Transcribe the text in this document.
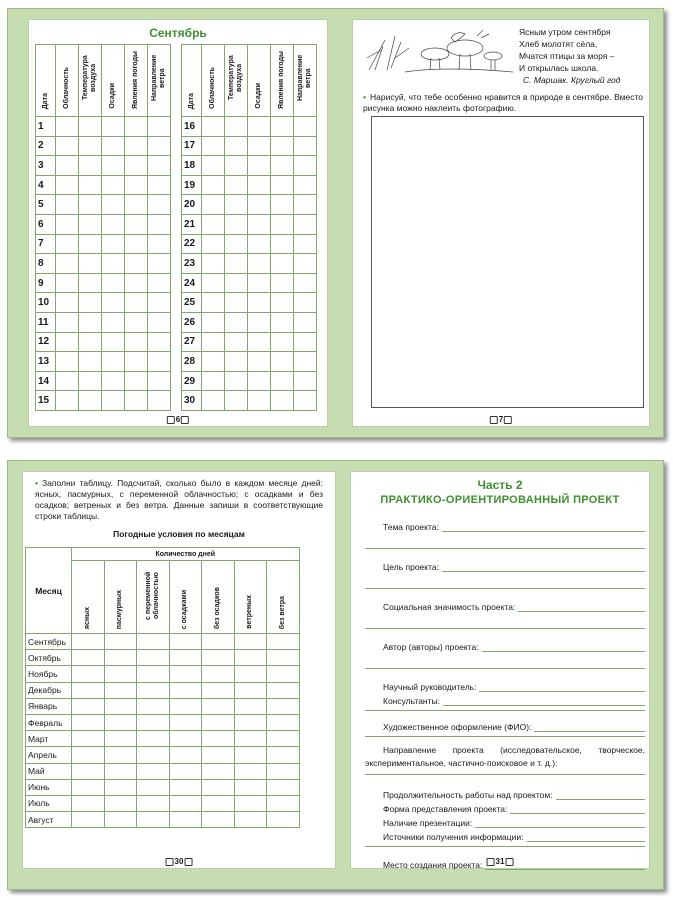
Сентябрь
Дата	Облачность	Температура воздуха	Осадки	Явления погоды	Направление ветра
1					
2					
3					
4					
5					
6					
7					
8					
9					
10					
11					
12					
13					
14					
15					
Дата	Облачность	Температура воздуха	Осадки	Явления погоды	Направление ветра
16					
17					
18					
19					
20					
21					
22					
23					
24					
25					
26					
27					
28					
29					
30					
6
Ясным утром сентября
Хлеб молотят сёла,
Мчатся птицы за моря –
И открылась школа.
С. Маршак. Круглый год
• Нарисуй, что тебе особенно нравится в природе в сентябре. Вместо рисунка можно наклеить фотографию.
7
• Заполни таблицу. Подсчитай, сколько было в каждом месяце дней: ясных, пасмурных, с переменной облачностью; с осадками и без осадков; ветреных и без ветра. Данные запиши в соответствующие строки таблицы.
Погодные условия по месяцам
Месяц	Количество дней						
	ясных	пасмурных	с переменной облачностью	с осадками	без осадков	ветреных	без ветра
Сентябрь							
Октябрь							
Ноябрь							
Декабрь							
Январь							
Февраль							
Март							
Апрель							
Май							
Июнь							
Июль							
Август							
30
Часть 2
ПРАКТИКО-ОРИЕНТИРОВАННЫЙ ПРОЕКТ
Тема проекта:
Цель проекта:
Социальная значимость проекта:
Автор (авторы) проекта:
Научный руководитель:
Консультанты:
Художественное оформление (ФИО):
Направление проекта (исследовательское, творческое, экспериментальное, частично-поисковое и т. д.):
Продолжительность работы над проектом:
Форма представления проекта:
Наличие презентации:
Источники получения информации:
Место создания проекта: 31
